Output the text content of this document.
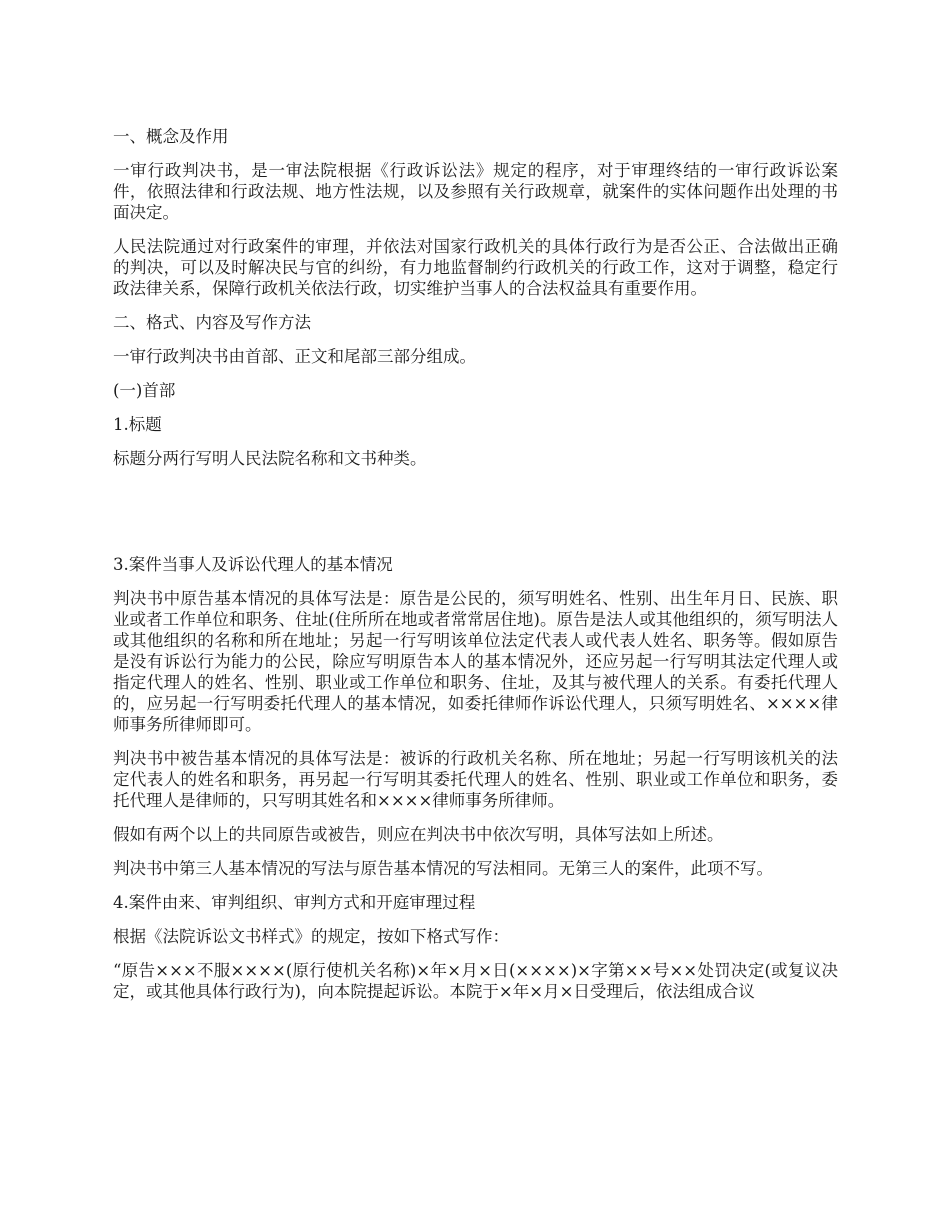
一、概念及作用

一审行政判决书，是一审法院根据《行政诉讼法》规定的程序，对于审理终结的一审行政诉讼案件，依照法律和行政法规、地方性法规，以及参照有关行政规章，就案件的实体问题作出处理的书面决定。

人民法院通过对行政案件的审理，并依法对国家行政机关的具体行政行为是否公正、合法做出正确的判决，可以及时解决民与官的纠纷，有力地监督制约行政机关的行政工作，这对于调整，稳定行政法律关系，保障行政机关依法行政，切实维护当事人的合法权益具有重要作用。

二、格式、内容及写作方法

一审行政判决书由首部、正文和尾部三部分组成。

(一)首部

1.标题

标题分两行写明人民法院名称和文书种类。

3.案件当事人及诉讼代理人的基本情况

判决书中原告基本情况的具体写法是：原告是公民的，须写明姓名、性别、出生年月日、民族、职业或者工作单位和职务、住址(住所所在地或者常常居住地)。原告是法人或其他组织的，须写明法人或其他组织的名称和所在地址；另起一行写明该单位法定代表人或代表人姓名、职务等。假如原告是没有诉讼行为能力的公民，除应写明原告本人的基本情况外，还应另起一行写明其法定代理人或指定代理人的姓名、性别、职业或工作单位和职务、住址，及其与被代理人的关系。有委托代理人的，应另起一行写明委托代理人的基本情况，如委托律师作诉讼代理人，只须写明姓名、××××律师事务所律师即可。

判决书中被告基本情况的具体写法是：被诉的行政机关名称、所在地址；另起一行写明该机关的法定代表人的姓名和职务，再另起一行写明其委托代理人的姓名、性别、职业或工作单位和职务，委托代理人是律师的，只写明其姓名和××××律师事务所律师。

假如有两个以上的共同原告或被告，则应在判决书中依次写明，具体写法如上所述。

判决书中第三人基本情况的写法与原告基本情况的写法相同。无第三人的案件，此项不写。

4.案件由来、审判组织、审判方式和开庭审理过程

根据《法院诉讼文书样式》的规定，按如下格式写作：

“原告×××不服××××(原行使机关名称)×年×月×日(××××)×字第××号××处罚决定(或复议决定，或其他具体行政行为)，向本院提起诉讼。本院于×年×月×日受理后，依法组成合议
